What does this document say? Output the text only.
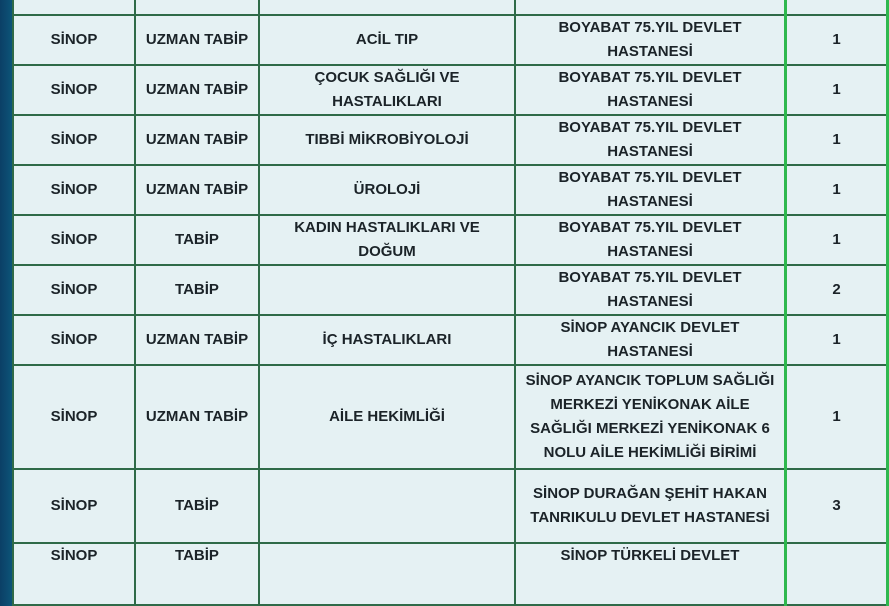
SİNOP	UZMAN TABİP	ACİL TIP	BOYABAT 75.YIL DEVLET HASTANESİ	1
SİNOP	UZMAN TABİP	ÇOCUK SAĞLIĞI VE HASTALIKLARI	BOYABAT 75.YIL DEVLET HASTANESİ	1
SİNOP	UZMAN TABİP	TIBBİ MİKROBİYOLOJİ	BOYABAT 75.YIL DEVLET HASTANESİ	1
SİNOP	UZMAN TABİP	ÜROLOJİ	BOYABAT 75.YIL DEVLET HASTANESİ	1
SİNOP	TABİP	KADIN HASTALIKLARI VE DOĞUM	BOYABAT 75.YIL DEVLET HASTANESİ	1
SİNOP	TABİP		BOYABAT 75.YIL DEVLET HASTANESİ	2
SİNOP	UZMAN TABİP	İÇ HASTALIKLARI	SİNOP AYANCIK DEVLET HASTANESİ	1
SİNOP	UZMAN TABİP	AİLE HEKİMLİĞİ	SİNOP AYANCIK TOPLUM SAĞLIĞI MERKEZİ YENİKONAK AİLE SAĞLIĞI MERKEZİ YENİKONAK 6 NOLU AİLE HEKİMLİĞİ BİRİMİ	1
SİNOP	TABİP		SİNOP DURAĞAN ŞEHİT HAKAN TANRIKULU DEVLET HASTANESİ	3
SİNOP	TABİP		SİNOP TÜRKELİ DEVLET	
